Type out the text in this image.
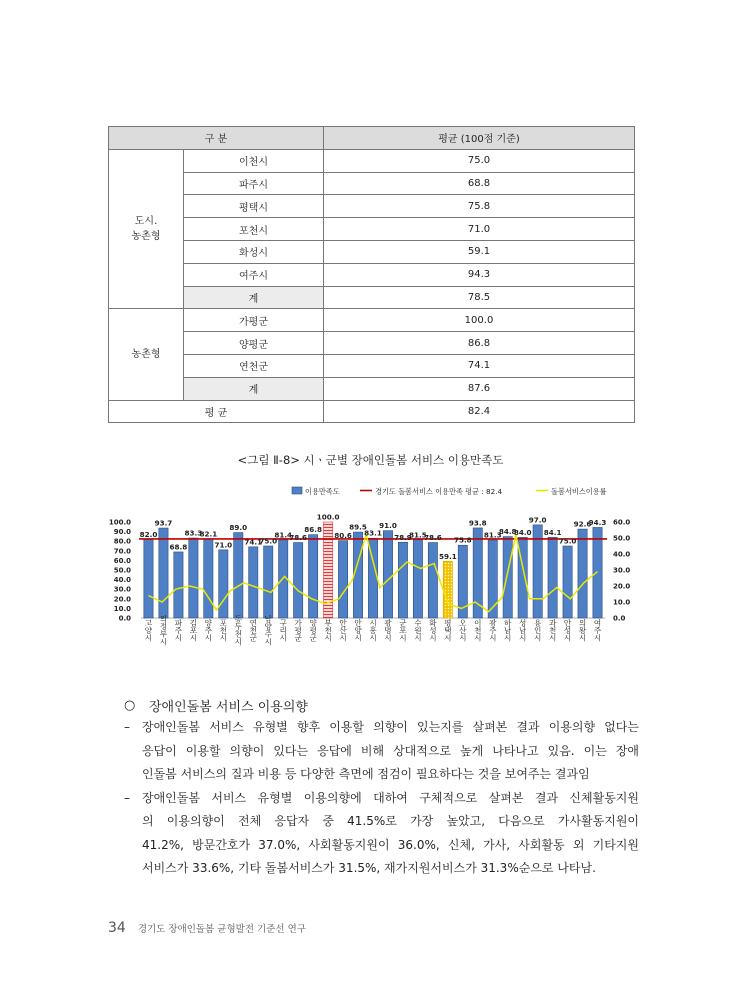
구 분		평균 (100점 기준)
도시.
농촌형	이천시	75.0
	파주시	68.8
	평택시	75.8
	포천시	71.0
	화성시	59.1
	여주시	94.3
	계	78.5
농촌형	가평군	100.0
	양평군	86.8
	연천군	74.1
	계	87.6
평 균		82.4
<그림 Ⅱ-8> 시ㆍ군별 장애인돌봄 서비스 이용만족도
이용만족도	경기도 돌봄서비스 이용만족 평균 : 82.4	돌봄서비스이용률
82.0
93.7
68.8
83.3
82.1
71.0
89.0
74.1
75.0
81.4
78.6
86.8
100.0
80.6
89.5
83.1
91.0
78.9
81.5
78.6
59.1
75.8
93.8
81.3
84.8
84.0
97.0
84.1
75.0
92.6
94.3
0.0
10.0
20.0
30.0
40.0
50.0
60.0
70.0
80.0
90.0
100.0
0.0
10.0
20.0
30.0
40.0
50.0
60.0
고양시 의정부시 파주시 김포시 양주시 포천시 동두천시 연천군 남양주시 구리시 가평군 양평군 부천시 안산시 안양시 시흥시 광명시 군포시 수원시 화성시 평택시 오산시 이천시 광주시 하남시 성남시 용인시 과천시 안성시 의왕시 여주시
○	장애인돌봄 서비스 이용의향
–	장애인돌봄 서비스 유형별 향후 이용할 의향이 있는지를 살펴본 결과 이용의향 없다는
응답이 이용할 의향이 있다는 응답에 비해 상대적으로 높게 나타나고 있음. 이는 장애
인돌봄 서비스의 질과 비용 등 다양한 측면에 점검이 필요하다는 것을 보여주는 결과임
–	장애인돌봄 서비스 유형별 이용의향에 대하여 구체적으로 살펴본 결과 신체활동지원
의 이용의향이 전체 응답자 중 41.5%로 가장 높았고, 다음으로 가사활동지원이
41.2%, 방문간호가 37.0%, 사회활동지원이 36.0%, 신체, 가사, 사회활동 외 기타지원
서비스가 33.6%, 기타 돌봄서비스가 31.5%, 재가지원서비스가 31.3%순으로 나타남.
34 경기도 장애인돌봄 균형발전 기준선 연구
